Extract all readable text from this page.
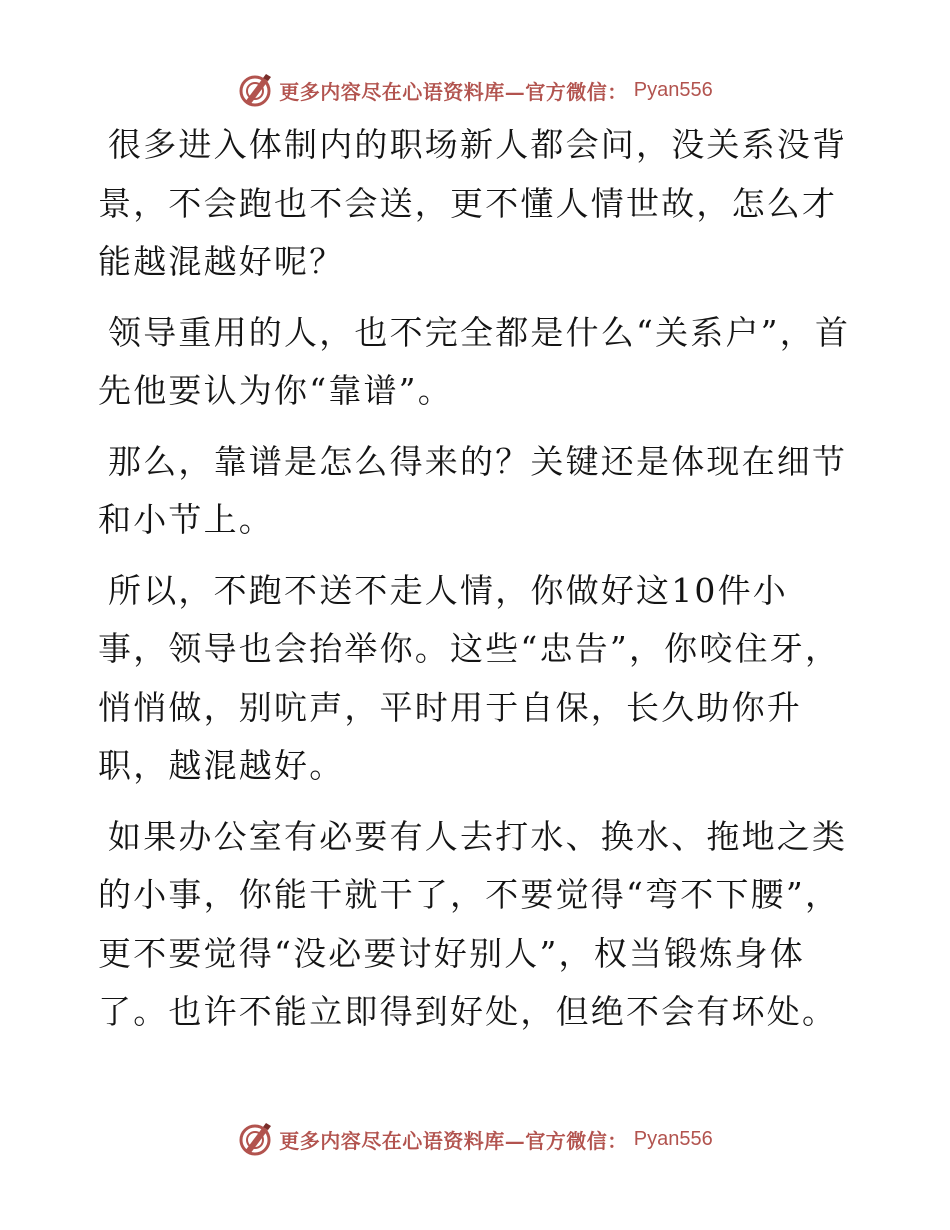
更多内容尽在心语资料库—官方微信： Pyan556

很多进入体制内的职场新人都会问，没关系没背景，不会跑也不会送，更不懂人情世故，怎么才能越混越好呢？

领导重用的人，也不完全都是什么“关系户”，首先他要认为你“靠谱”。

那么，靠谱是怎么得来的？关键还是体现在细节和小节上。

所以，不跑不送不走人情，你做好这10件小事，领导也会抬举你。这些“忠告”，你咬住牙，悄悄做，别吭声，平时用于自保，长久助你升职，越混越好。

如果办公室有必要有人去打水、换水、拖地之类的小事，你能干就干了，不要觉得“弯不下腰”，更不要觉得“没必要讨好别人”，权当锻炼身体了。也许不能立即得到好处，但绝不会有坏处。

更多内容尽在心语资料库—官方微信： Pyan556
